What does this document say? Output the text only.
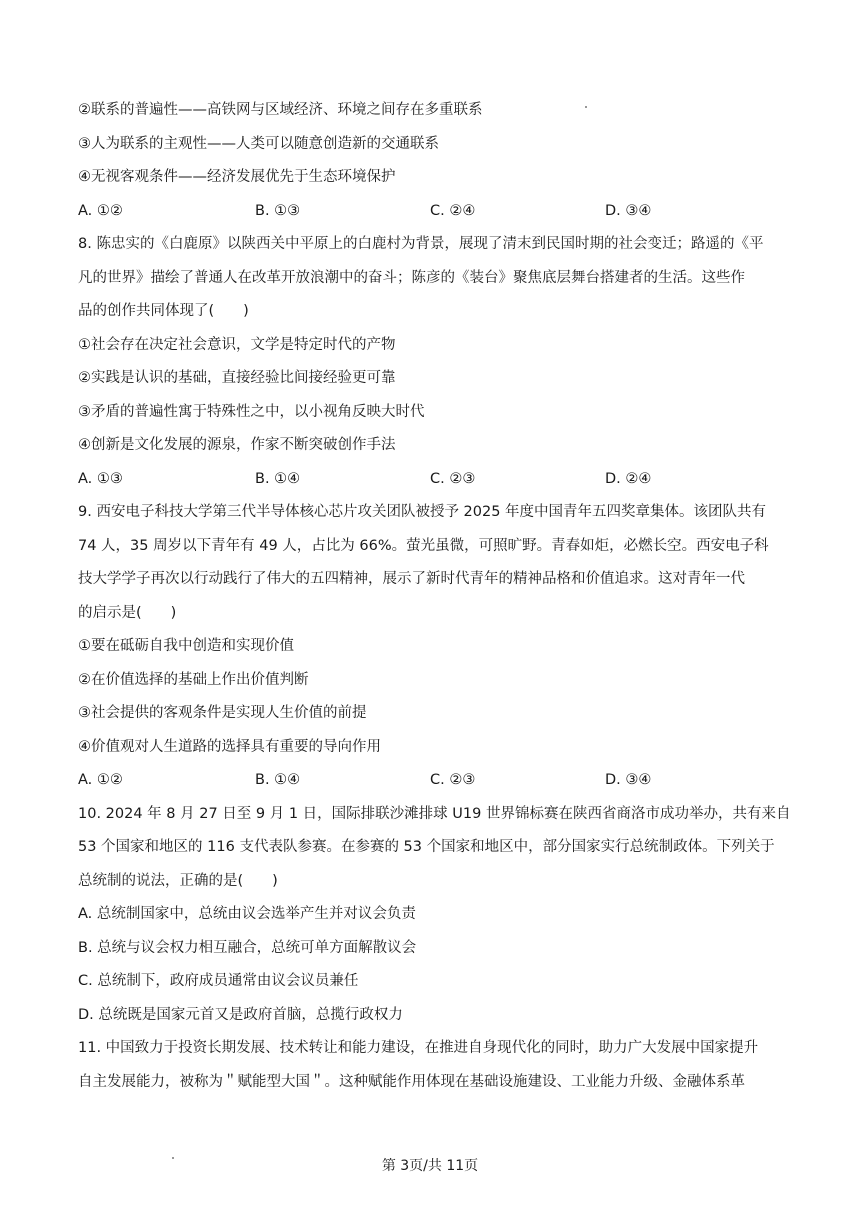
②联系的普遍性——高铁网与区域经济、环境之间存在多重联系
③人为联系的主观性——人类可以随意创造新的交通联系
④无视客观条件——经济发展优先于生态环境保护
A. ①②	B. ①③	C. ②④	D. ③④
8. 陈忠实的《白鹿原》以陕西关中平原上的白鹿村为背景，展现了清末到民国时期的社会变迁；路遥的《平
凡的世界》描绘了普通人在改革开放浪潮中的奋斗；陈彦的《装台》聚焦底层舞台搭建者的生活。这些作
品的创作共同体现了(　　)
①社会存在决定社会意识，文学是特定时代的产物
②实践是认识的基础，直接经验比间接经验更可靠
③矛盾的普遍性寓于特殊性之中，以小视角反映大时代
④创新是文化发展的源泉，作家不断突破创作手法
A. ①③	B. ①④	C. ②③	D. ②④
9. 西安电子科技大学第三代半导体核心芯片攻关团队被授予 2025 年度中国青年五四奖章集体。该团队共有
74 人，35 周岁以下青年有 49 人，占比为 66%。萤光虽微，可照旷野。青春如炬，必燃长空。西安电子科
技大学学子再次以行动践行了伟大的五四精神，展示了新时代青年的精神品格和价值追求。这对青年一代
的启示是(　　)
①要在砥砺自我中创造和实现价值
②在价值选择的基础上作出价值判断
③社会提供的客观条件是实现人生价值的前提
④价值观对人生道路的选择具有重要的导向作用
A. ①②	B. ①④	C. ②③	D. ③④
10. 2024 年 8 月 27 日至 9 月 1 日，国际排联沙滩排球 U19 世界锦标赛在陕西省商洛市成功举办，共有来自
53 个国家和地区的 116 支代表队参赛。在参赛的 53 个国家和地区中，部分国家实行总统制政体。下列关于
总统制的说法，正确的是(　　)
A. 总统制国家中，总统由议会选举产生并对议会负责
B. 总统与议会权力相互融合，总统可单方面解散议会
C. 总统制下，政府成员通常由议会议员兼任
D. 总统既是国家元首又是政府首脑，总揽行政权力
11. 中国致力于投资长期发展、技术转让和能力建设，在推进自身现代化的同时，助力广大发展中国家提升
自主发展能力，被称为＂赋能型大国＂。这种赋能作用体现在基础设施建设、工业能力升级、金融体系革
第 3页/共 11页
